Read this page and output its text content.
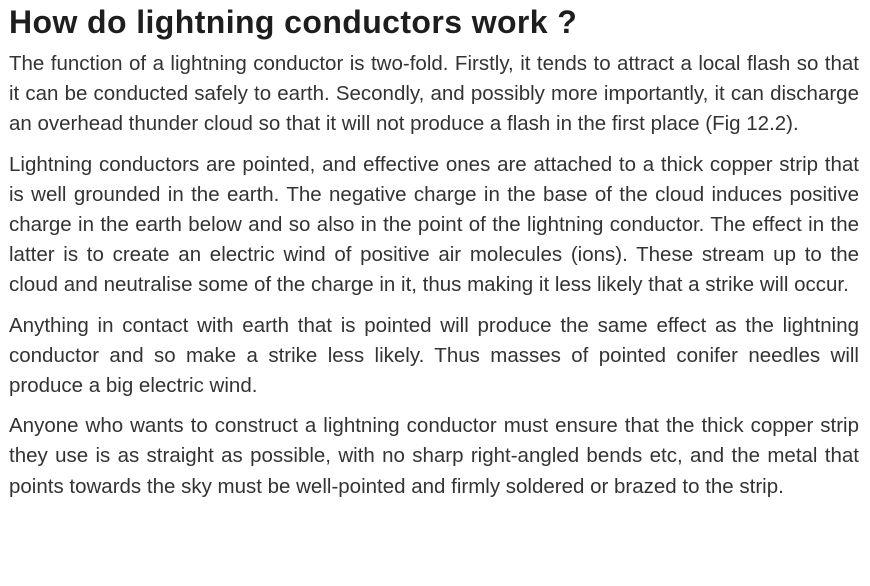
How do lightning conductors work ?

The function of a lightning conductor is two-fold. Firstly, it tends to attract a local flash so that it can be conducted safely to earth. Secondly, and possibly more importantly, it can discharge an overhead thunder cloud so that it will not produce a flash in the first place (Fig 12.2).

Lightning conductors are pointed, and effective ones are attached to a thick copper strip that is well grounded in the earth. The negative charge in the base of the cloud induces positive charge in the earth below and so also in the point of the lightning conductor. The effect in the latter is to create an electric wind of positive air molecules (ions). These stream up to the cloud and neutralise some of the charge in it, thus making it less likely that a strike will occur.

Anything in contact with earth that is pointed will produce the same effect as the lightning conductor and so make a strike less likely. Thus masses of pointed conifer needles will produce a big electric wind.

Anyone who wants to construct a lightning conductor must ensure that the thick copper strip they use is as straight as possible, with no sharp right-angled bends etc, and the metal that points towards the sky must be well-pointed and firmly soldered or brazed to the strip.
